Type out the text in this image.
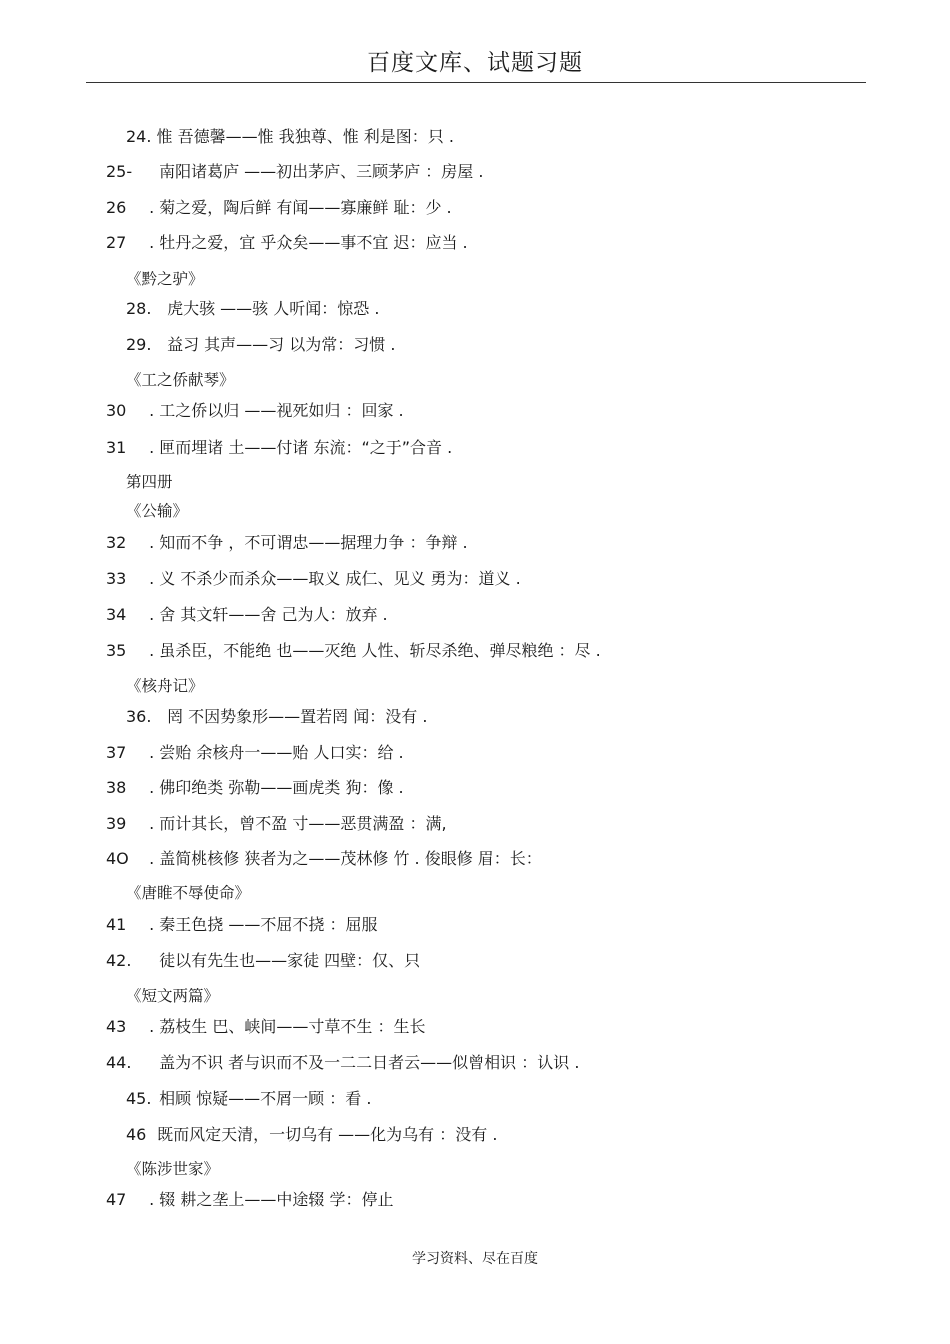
百度文库、试题习题
24. 惟 吾德馨——惟 我独尊、惟 利是图：只 .
25- 南阳诸葛庐 ——初出茅庐、三顾茅庐 ：房屋 .
26 . 菊之爱，陶后鲜 有闻——寡廉鲜 耻：少 .
27 . 牡丹之爱，宜 乎众矣——事不宜 迟：应当 .
《黔之驴》
28. 虎大骇 ——骇 人听闻：惊恐 .
29. 益习 其声——习 以为常：习惯 .
《工之侨献琴》
30 . 工之侨以归 ——视死如归 ：回家 .
31 . 匣而埋诸 土——付诸 东流：“之于”合音 .
第四册
《公输》
32 . 知而不争 ，不可谓忠——据理力争 ：争辩 .
33 . 义 不杀少而杀众——取义 成仁、见义 勇为：道义 .
34 . 舍 其文轩——舍 己为人：放弃 .
35 . 虽杀臣，不能绝 也——灭绝 人性、斩尽杀绝、弹尽粮绝 ：尽 .
《核舟记》
36. 罔 不因势象形——置若罔 闻：没有 .
37 . 尝贻 余核舟一——贻 人口实：给 .
38 . 佛印绝类 弥勒——画虎类 狗：像 .
39 . 而计其长，曾不盈 寸——恶贯满盈 ：满,
4O . 盖简桃核修 狭者为之——茂林修 竹 . 俊眼修 眉：长：
《唐睢不辱使命》
41 . 秦王色挠 ——不屈不挠 ：屈服
42. 徒以有先生也——家徒 四壁：仅、只
《短文两篇》
43 . 荔枝生 巴、峡间——寸草不生 ：生长
44. 盖为不识 者与识而不及一二二日者云——似曾相识 ：认识 .
45. 相顾 惊疑——不屑一顾 ：看 .
46 既而风定天清，一切乌有 ——化为乌有 ：没有 .
《陈涉世家》
47 . 辍 耕之垄上——中途辍 学：停止
学习资料、尽在百度
